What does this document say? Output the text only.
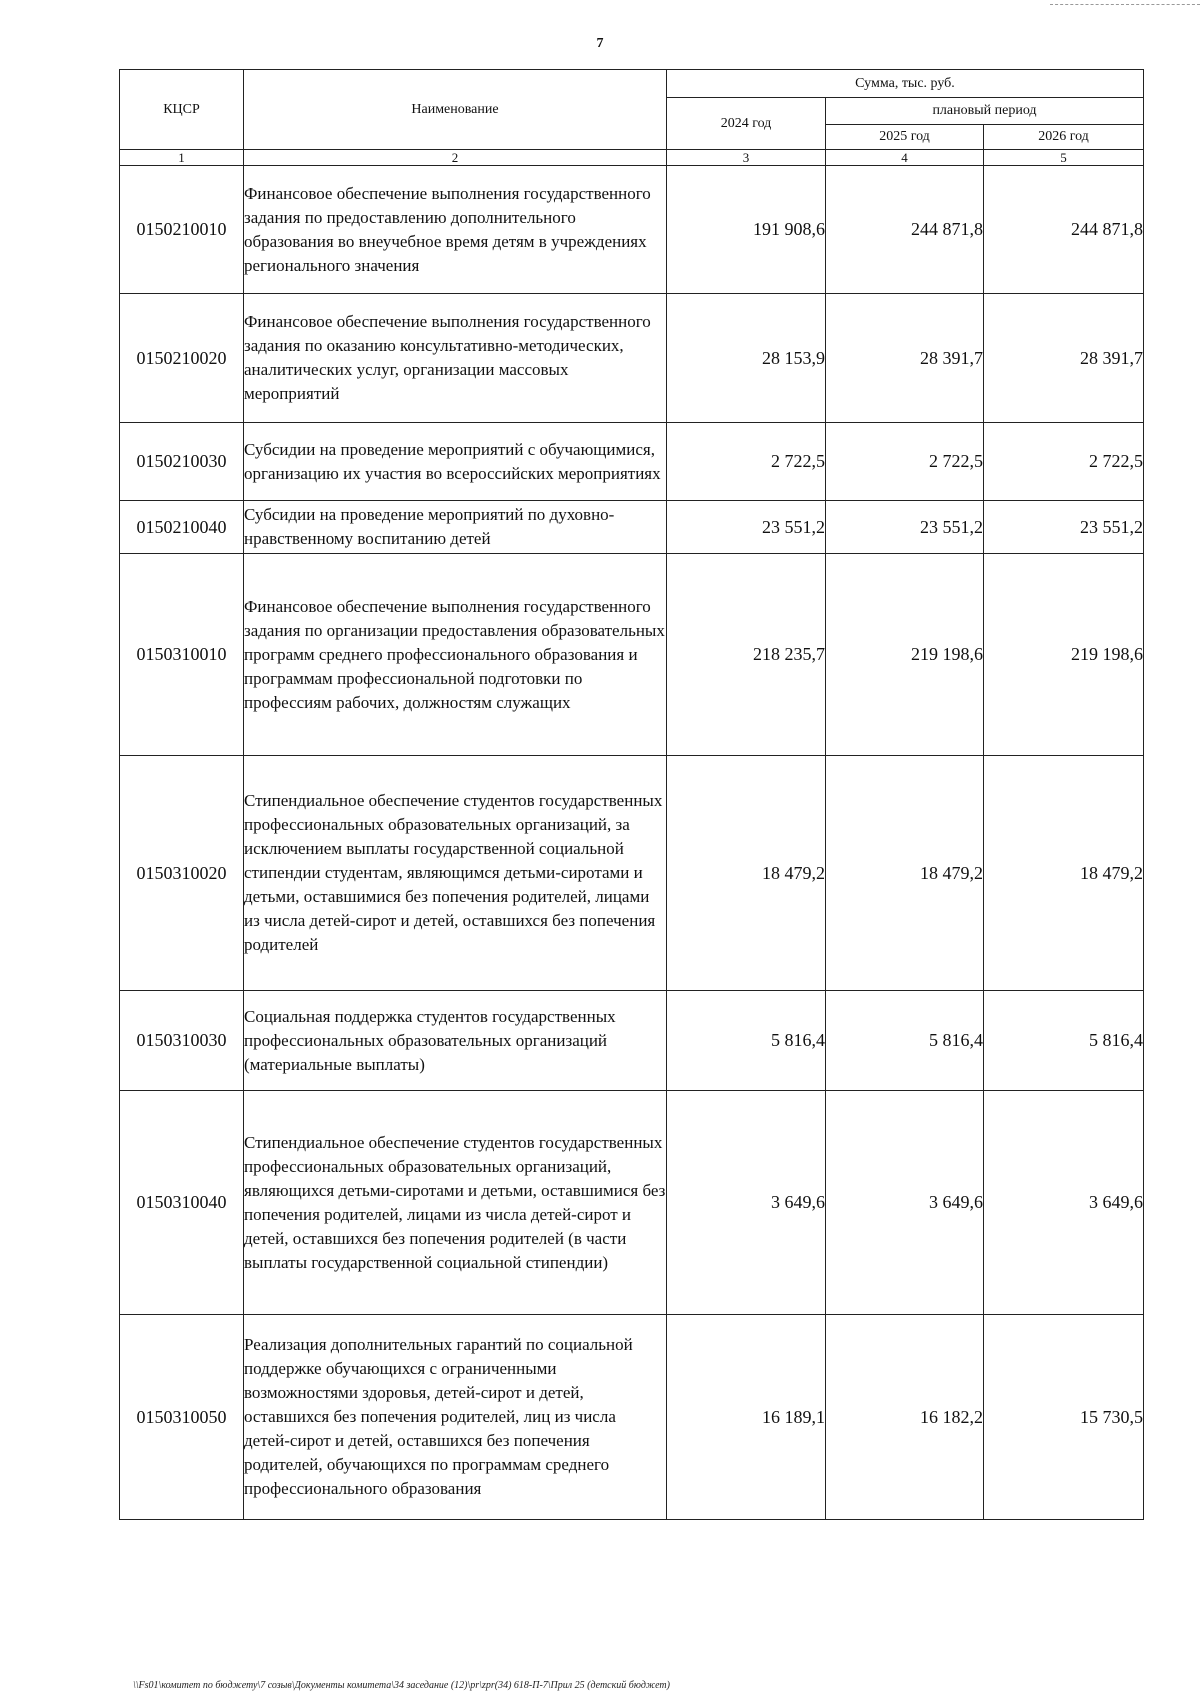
7
КЦСР	Наименование	Сумма, тыс. руб.		
		2024 год	плановый период	
			2025 год	2026 год
1	2	3	4	5
0150210010	Финансовое обеспечение выполнения государственного задания по предоставлению дополнительного образования во внеучебное время детям в учреждениях регионального значения	191 908,6	244 871,8	244 871,8
0150210020	Финансовое обеспечение выполнения государственного задания по оказанию консультативно-методических, аналитических услуг, организации массовых мероприятий	28 153,9	28 391,7	28 391,7
0150210030	Субсидии на проведение мероприятий с обучающимися, организацию их участия во всероссийских мероприятиях	2 722,5	2 722,5	2 722,5
0150210040	Субсидии на проведение мероприятий по духовно-нравственному воспитанию детей	23 551,2	23 551,2	23 551,2
0150310010	Финансовое обеспечение выполнения государственного задания по организации предоставления образовательных программ среднего профессионального образования и программам профессиональной подготовки по профессиям рабочих, должностям служащих	218 235,7	219 198,6	219 198,6
0150310020	Стипендиальное обеспечение студентов государственных профессиональных образовательных организаций, за исключением выплаты государственной социальной стипендии студентам, являющимся детьми-сиротами и детьми, оставшимися без попечения родителей, лицами из числа детей-сирот и детей, оставшихся без попечения родителей	18 479,2	18 479,2	18 479,2
0150310030	Социальная поддержка студентов государственных профессиональных образовательных организаций (материальные выплаты)	5 816,4	5 816,4	5 816,4
0150310040	Стипендиальное обеспечение студентов государственных профессиональных образовательных организаций, являющихся детьми-сиротами и детьми, оставшимися без попечения родителей, лицами из числа детей-сирот и детей, оставшихся без попечения родителей (в части выплаты государственной социальной стипендии)	3 649,6	3 649,6	3 649,6
0150310050	Реализация дополнительных гарантий по социальной поддержке обучающихся с ограниченными возможностями здоровья, детей-сирот и детей, оставшихся без попечения родителей, лиц из числа детей-сирот и детей, оставшихся без попечения родителей, обучающихся по программам среднего профессионального образования	16 189,1	16 182,2	15 730,5
\\Fs01\комитет по бюджету\7 созыв\Документы комитета\34 заседание (12)\pr\zpr(34) 618-П-7\Прил 25 (детский бюджет)
